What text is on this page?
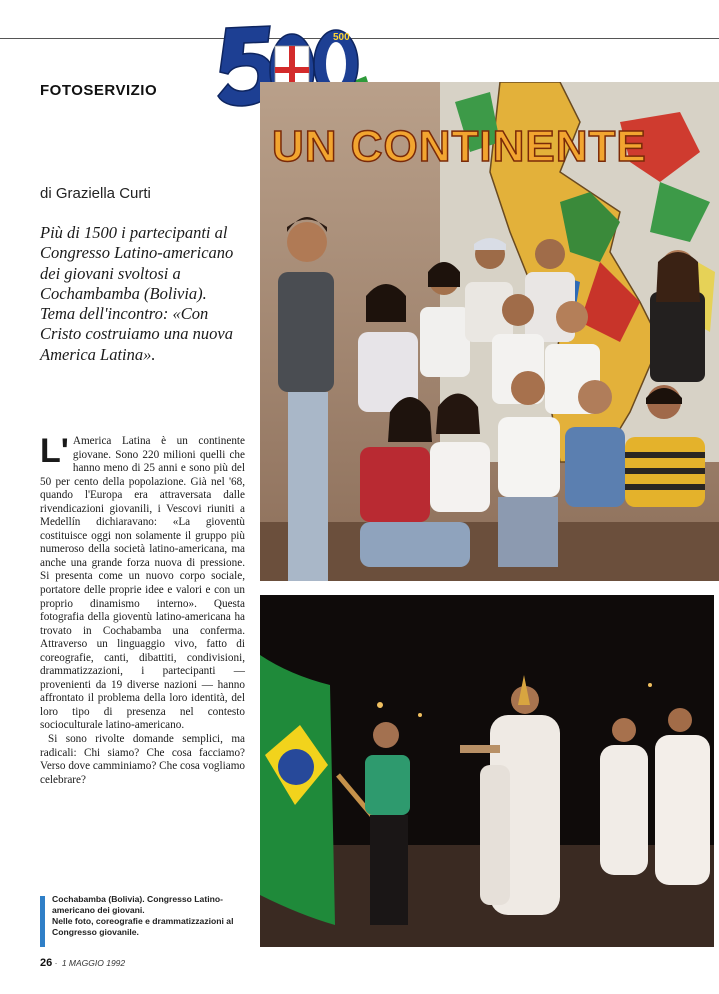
FOTOSERVIZIO
500
UN CONTINENTE
di Graziella Curti
Più di 1500 i partecipanti al Congresso Latino-americano dei giovani svoltosi a Cochambamba (Bolivia). Tema dell'incontro: «Con Cristo costruiamo una nuova America Latina».

L' America Latina è un continente giovane. Sono 220 milioni quelli che hanno meno di 25 anni e sono più del 50 per cento della popolazione. Già nel '68, quando l'Europa era attraversata dalle rivendicazioni giovanili, i Vescovi riuniti a Medellín dichiaravano: «La gioventù costituisce oggi non solamente il gruppo più numeroso della società latino-americana, ma anche una grande forza nuova di pressione. Si presenta come un nuovo corpo sociale, portatore delle proprie idee e valori e con un proprio dinamismo interno». Questa fotografia della gioventù latino-americana ha trovato in Cochabamba una conferma. Attraverso un linguaggio vivo, fatto di coreografie, canti, dibattiti, condivisioni, drammatizzazioni, i partecipanti — provenienti da 19 diverse nazioni — hanno affrontato il problema della loro identità, del loro tipo di presenza nel contesto socioculturale latino-americano.

Si sono rivolte domande semplici, ma radicali: Chi siamo? Che cosa facciamo? Verso dove camminiamo? Che cosa vogliamo celebrare?

Cochabamba (Bolivia). Congresso Latino-americano dei giovani.
Nelle foto, coreografie e drammatizzazioni al Congresso giovanile.
26 · 1 MAGGIO 1992
